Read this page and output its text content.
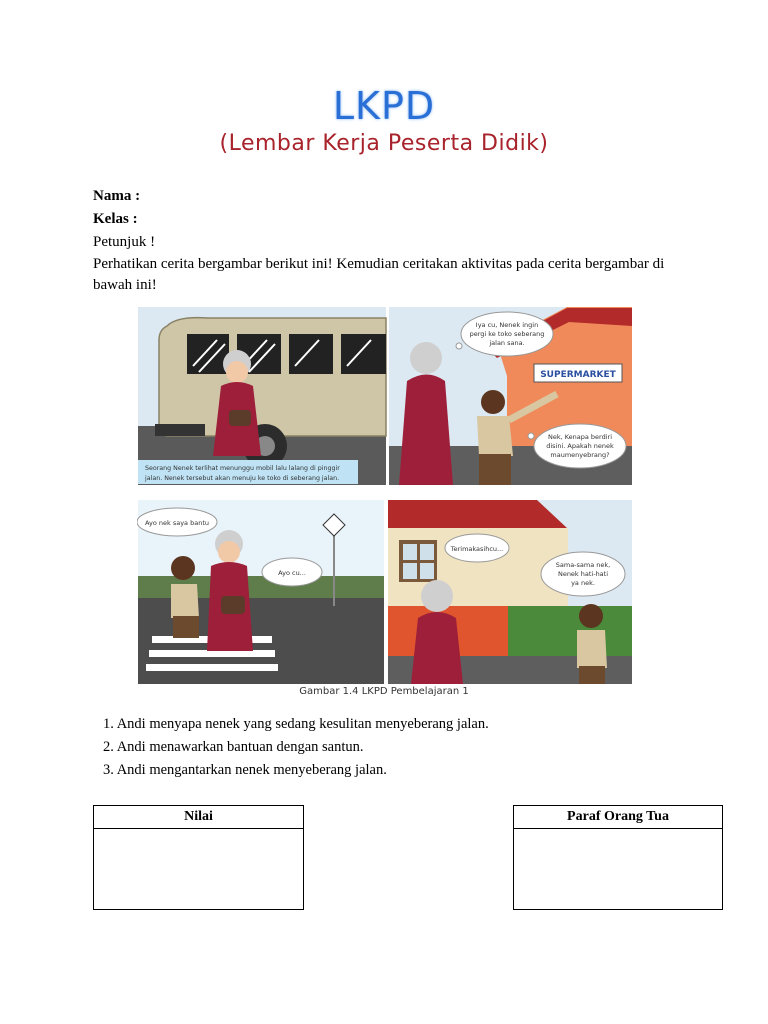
LKPD
(Lembar Kerja Peserta Didik)
Nama :
Kelas :
Petunjuk !
Perhatikan cerita bergambar berikut ini! Kemudian ceritakan aktivitas pada cerita bergambar di bawah ini!
Seorang Nenek terlihat menunggu mobil lalu lalang di pinggir
jalan. Nenek tersebut akan menuju ke toko di seberang jalan.
SUPERMARKET
Iya cu, Nenek ingin
pergi ke toko seberang
jalan sana.
Nek, Kenapa berdiri
disini. Apakah nenek
maumenyebrang?
Ayo nek saya bantu
Ayo cu...
Terimakasihcu...
Sama-sama nek,
Nenek hati-hati
ya nek.
Gambar 1.4 LKPD Pembelajaran 1
1. Andi menyapa nenek yang sedang kesulitan menyeberang jalan.
2. Andi menawarkan bantuan dengan santun.
3. Andi mengantarkan nenek menyeberang jalan.
Nilai	Paraf Orang Tua
